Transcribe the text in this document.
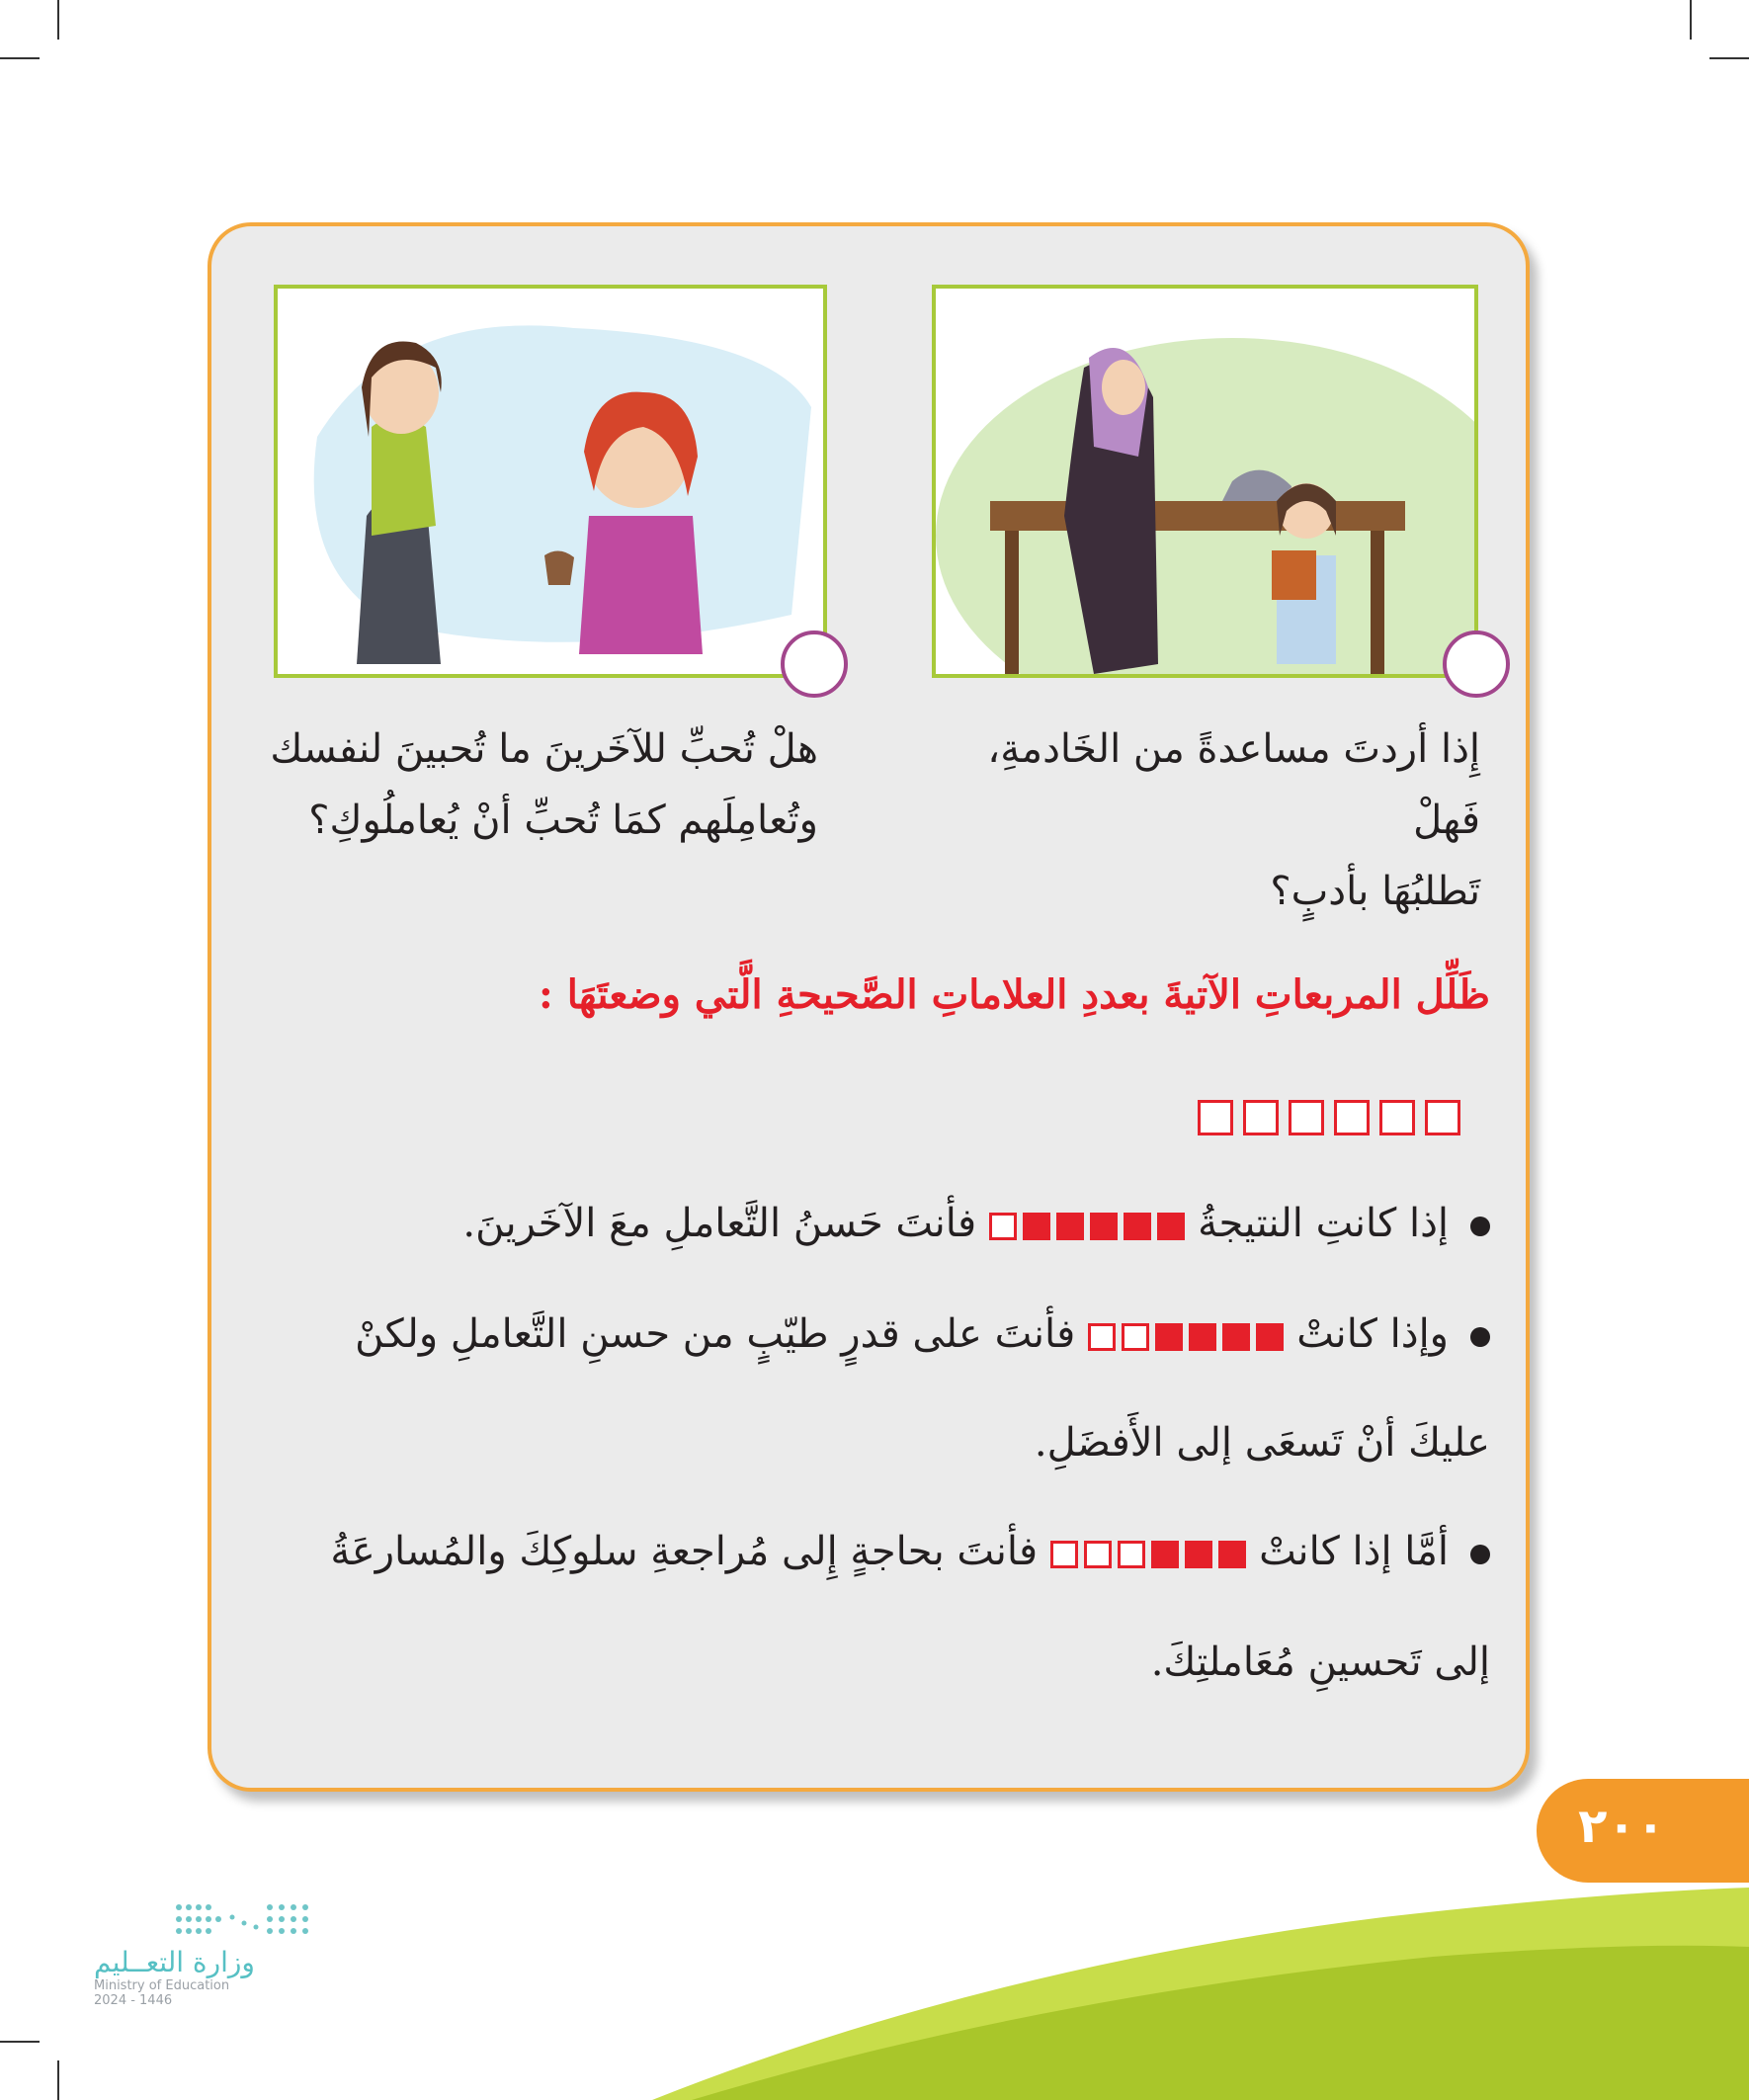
إِذا أردتَ مساعدةً من الخَادمةِ، فَهلْ
تَطلبُهَا بأدبٍ؟
هلْ تُحبِّ للآخَرينَ ما تُحبينَ لنفسك
وتُعامِلَهم كمَا تُحبِّ أنْ يُعاملُوكِ؟
ظَلِّل المربعاتِ الآتيةَ بعددِ العلاماتِ الصَّحيحةِ الَّتي وضعتَهَا :
إذا كانتِ النتيجةُ
فأنتَ حَسنُ التَّعاملِ معَ الآخَرينَ.
وإذا كانتْ
فأنتَ على قدرٍ طيّبٍ من حسنِ التَّعاملِ ولكنْ
عليكَ أنْ تَسعَى إلى الأَفضَلِ.
أمَّا إذا كانتْ
فأنتَ بحاجةٍ إِلى مُراجعةِ سلوكِكَ والمُسارعَةُ
إلى تَحسينِ مُعَاملتِكَ.
٢٠٠
وزارة التعــليم
Ministry of Education
2024 - 1446
